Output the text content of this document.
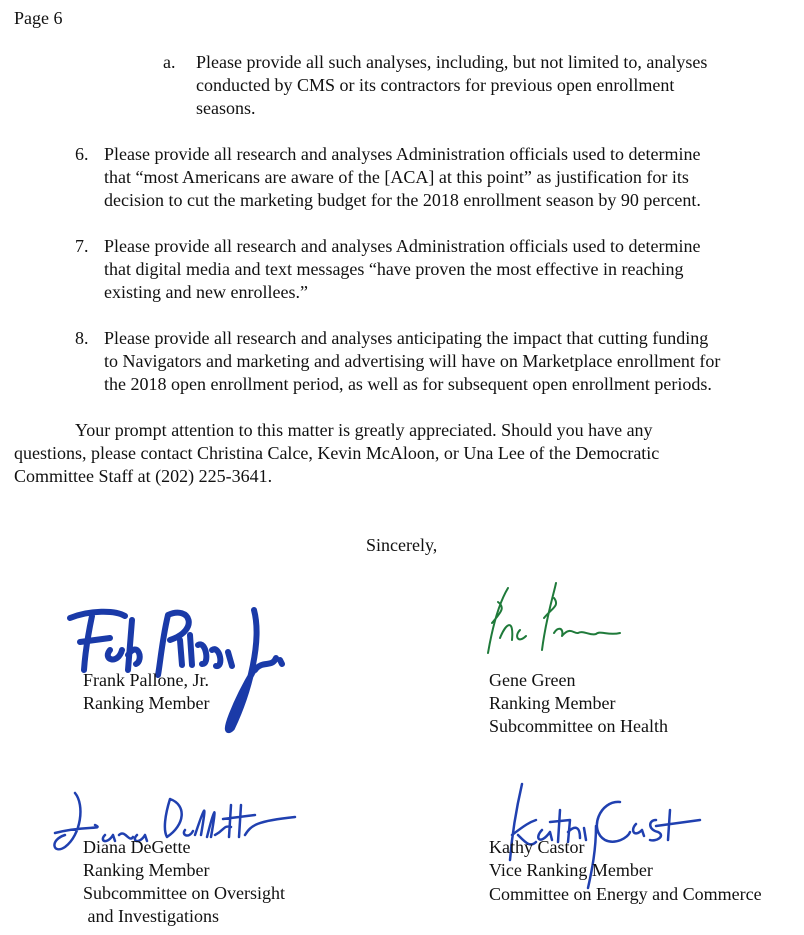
Page 6
a. Please provide all such analyses, including, but not limited to, analyses
conducted by CMS or its contractors for previous open enrollment
seasons.
6. Please provide all research and analyses Administration officials used to determine
that “most Americans are aware of the [ACA] at this point” as justification for its
decision to cut the marketing budget for the 2018 enrollment season by 90 percent.
7. Please provide all research and analyses Administration officials used to determine
that digital media and text messages “have proven the most effective in reaching
existing and new enrollees.”
8. Please provide all research and analyses anticipating the impact that cutting funding
to Navigators and marketing and advertising will have on Marketplace enrollment for
the 2018 open enrollment period, as well as for subsequent open enrollment periods.
Your prompt attention to this matter is greatly appreciated. Should you have any
questions, please contact Christina Calce, Kevin McAloon, or Una Lee of the Democratic
Committee Staff at (202) 225-3641.
Sincerely,
Frank Pallone, Jr.
Ranking Member
Gene Green
Ranking Member
Subcommittee on Health
Diana DeGette
Ranking Member
Subcommittee on Oversight
and Investigations
Kathy Castor
Vice Ranking Member
Committee on Energy and Commerce
